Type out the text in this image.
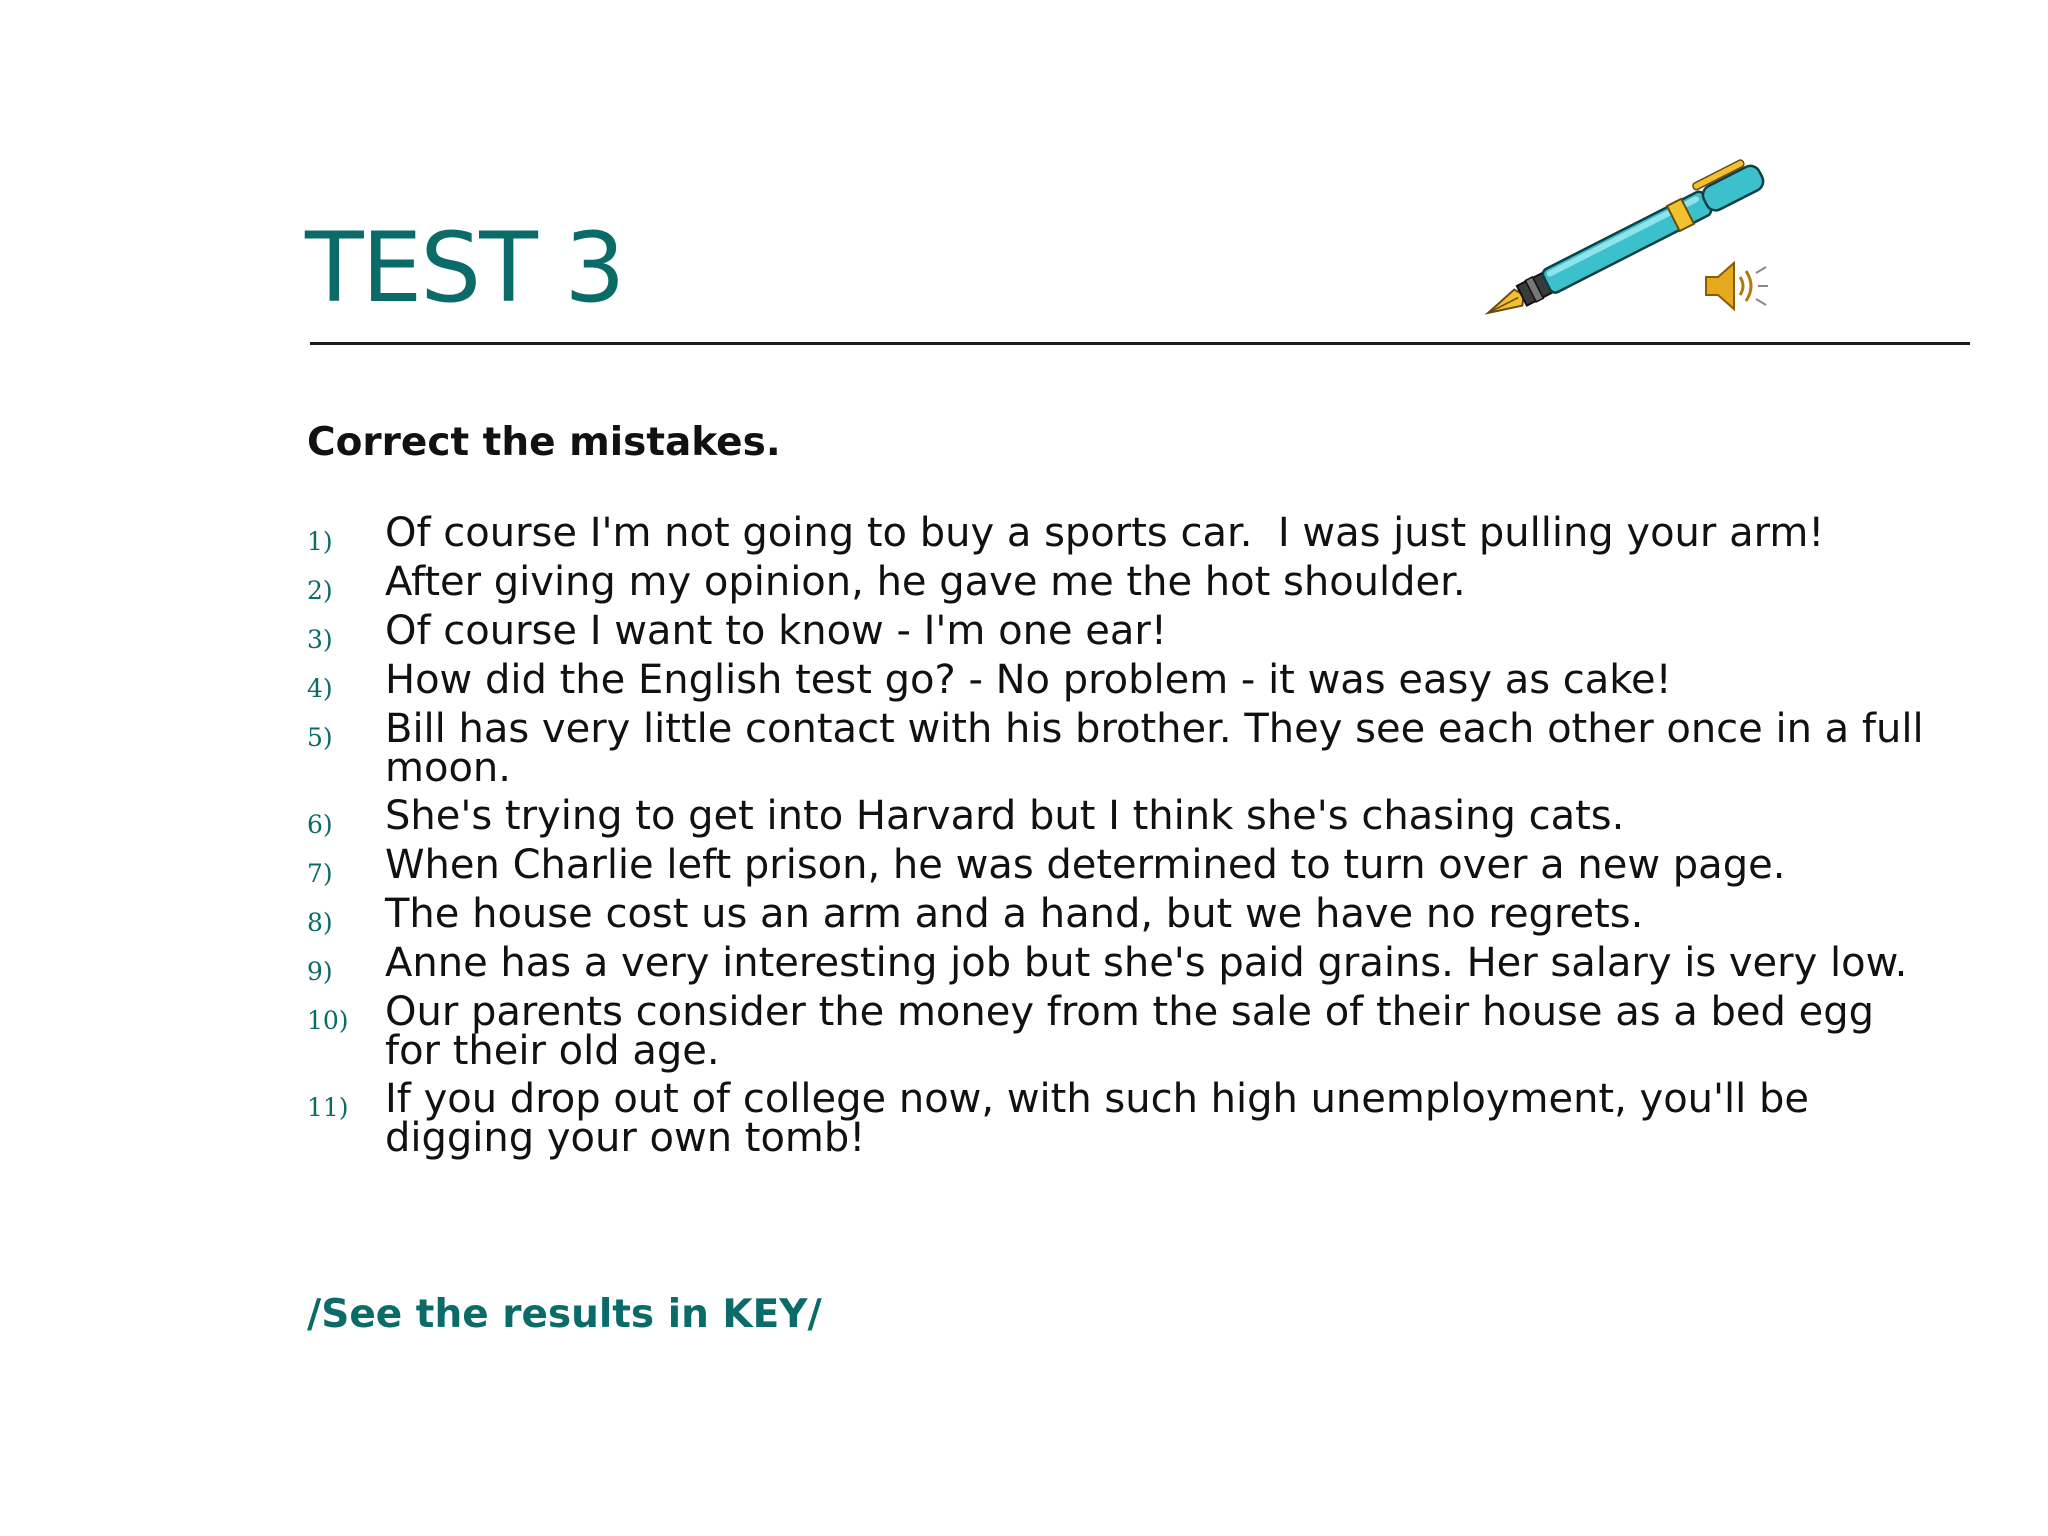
TEST 3

Correct the mistakes.

1)	Of course I'm not going to buy a sports car.  I was just pulling your arm!
2)	After giving my opinion, he gave me the hot shoulder.
3)	Of course I want to know - I'm one ear!
4)	How did the English test go? - No problem - it was easy as cake!
5)	Bill has very little contact with his brother. They see each other once in a full moon.
6)	She's trying to get into Harvard but I think she's chasing cats.
7)	When Charlie left prison, he was determined to turn over a new page.
8)	The house cost us an arm and a hand, but we have no regrets.
9)	Anne has a very interesting job but she's paid grains. Her salary is very low.
10) Our parents consider the money from the sale of their house as a bed egg for their old age.
11) If you drop out of college now, with such high unemployment, you'll be digging your own tomb!

/See the results in KEY/
